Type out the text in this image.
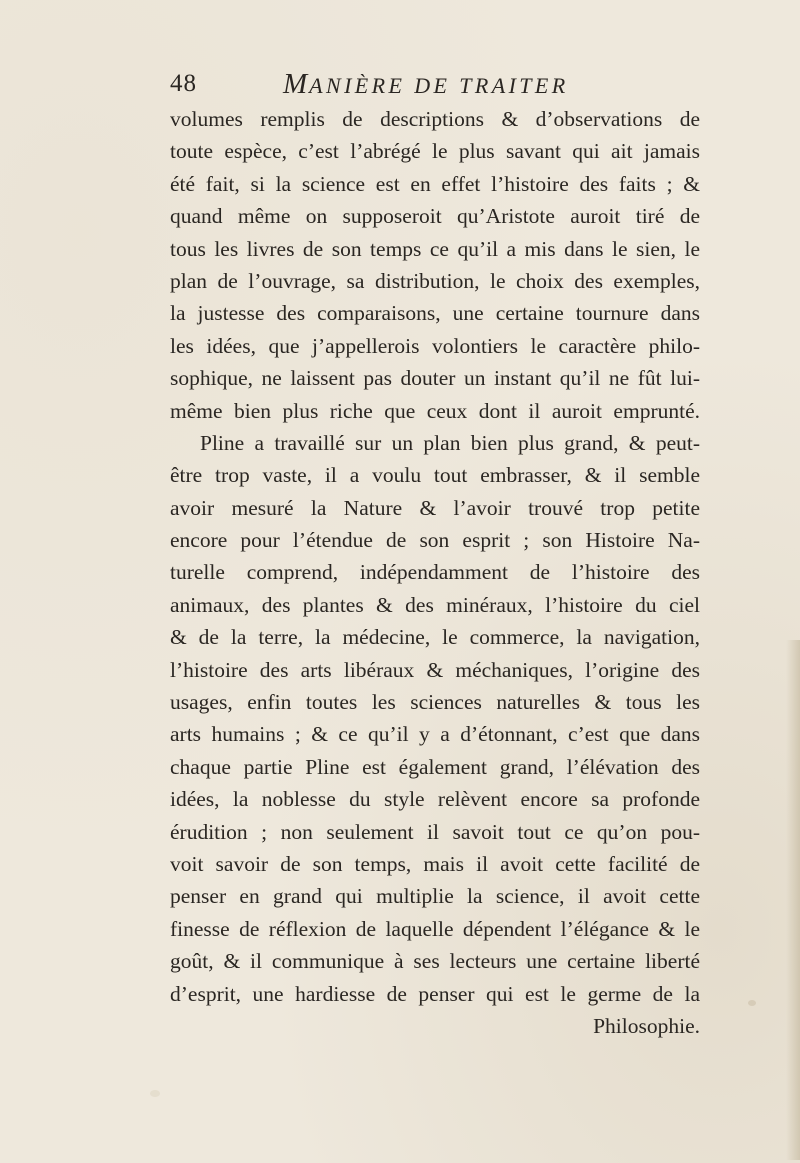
48	MANIÈRE DE TRAITER
volumes remplis de descriptions & d’observations de
toute espèce, c’est l’abrégé le plus savant qui ait jamais
été fait, si la science est en effet l’histoire des faits ; &
quand même on supposeroit qu’Aristote auroit tiré de
tous les livres de son temps ce qu’il a mis dans le sien, le
plan de l’ouvrage, sa distribution, le choix des exemples,
la justesse des comparaisons, une certaine tournure dans
les idées, que j’appellerois volontiers le caractère philo-
sophique, ne laissent pas douter un instant qu’il ne fût lui-
même bien plus riche que ceux dont il auroit emprunté.
Pline a travaillé sur un plan bien plus grand, & peut-
être trop vaste, il a voulu tout embrasser, & il semble
avoir mesuré la Nature & l’avoir trouvé trop petite
encore pour l’étendue de son esprit ; son Histoire Na-
turelle comprend, indépendamment de l’histoire des
animaux, des plantes & des minéraux, l’histoire du ciel
& de la terre, la médecine, le commerce, la navigation,
l’histoire des arts libéraux & méchaniques, l’origine des
usages, enfin toutes les sciences naturelles & tous les
arts humains ; & ce qu’il y a d’étonnant, c’est que dans
chaque partie Pline est également grand, l’élévation des
idées, la noblesse du style relèvent encore sa profonde
érudition ; non seulement il savoit tout ce qu’on pou-
voit savoir de son temps, mais il avoit cette facilité de
penser en grand qui multiplie la science, il avoit cette
finesse de réflexion de laquelle dépendent l’élégance & le
goût, & il communique à ses lecteurs une certaine liberté
d’esprit, une hardiesse de penser qui est le germe de la
Philosophie.
